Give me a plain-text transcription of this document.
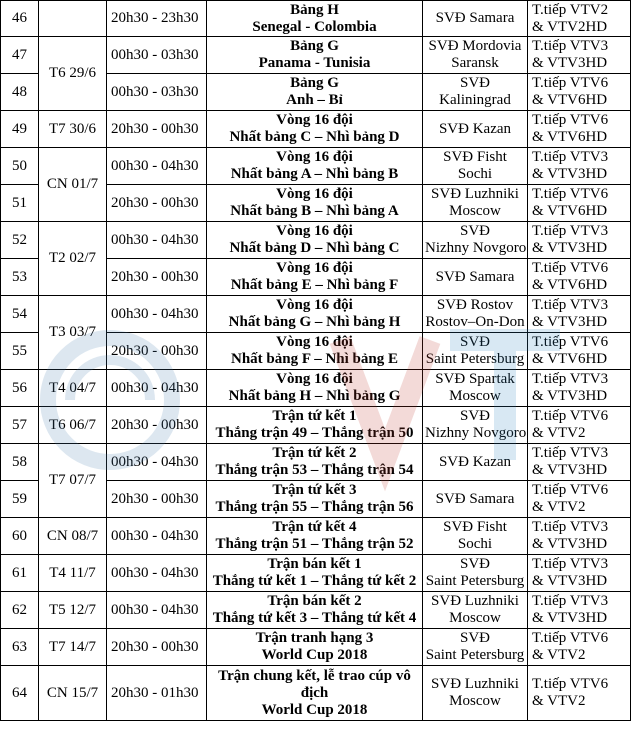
46		20h30 - 23h30	Bảng H
Senegal - Colombia	SVĐ Samara	T.tiếp VTV2
& VTV2HD

47	T6 29/6	00h30 - 03h30	Bảng G
Panama - Tunisia	SVĐ Mordovia
Saransk	T.tiếp VTV3
& VTV3HD

48		00h30 - 03h30	Bảng G
Anh – Bỉ	SVĐ
Kaliningrad	T.tiếp VTV6
& VTV6HD

49	T7 30/6	20h30 - 00h30	Vòng 16 đội
Nhất bảng C – Nhì bảng D	SVĐ Kazan	T.tiếp VTV6
& VTV6HD

50	CN 01/7	00h30 - 04h30	Vòng 16 đội
Nhất bảng A – Nhì bảng B	SVĐ Fisht
Sochi	T.tiếp VTV3
& VTV3HD

51		20h30 - 00h30	Vòng 16 đội
Nhất bảng B – Nhì bảng A	SVĐ Luzhniki
Moscow	T.tiếp VTV6
& VTV6HD

52	T2 02/7	00h30 - 04h30	Vòng 16 đội
Nhất bảng D – Nhì bảng C	SVĐ
Nizhny Novgoro	T.tiếp VTV3
& VTV3HD

53		20h30 - 00h30	Vòng 16 đội
Nhất bảng E – Nhì bảng F	SVĐ Samara	T.tiếp VTV6
& VTV6HD

54	T3 03/7	00h30 - 04h30	Vòng 16 đội
Nhất bảng G – Nhì bảng H	SVĐ Rostov
Rostov–On-Don	T.tiếp VTV3
& VTV3HD

55		20h30 - 00h30	Vòng 16 đội
Nhất bảng F – Nhì bảng E	SVĐ
Saint Petersburg	T.tiếp VTV6
& VTV6HD

56	T4 04/7	00h30 - 04h30	Vòng 16 đội
Nhất bảng H – Nhì bảng G	SVĐ Spartak
Moscow	T.tiếp VTV3
& VTV3HD

57	T6 06/7	20h30 - 00h30	Trận tứ kết 1
Thắng trận 49 – Thắng trận 50	SVĐ
Nizhny Novgoro	T.tiếp VTV6
& VTV2

58	T7 07/7	00h30 - 04h30	Trận tứ kết 2
Thắng trận 53 – Thắng trận 54	SVĐ Kazan	T.tiếp VTV3
& VTV3HD

59		20h30 - 00h30	Trận tứ kết 3
Thắng trận 55 – Thắng trận 56	SVĐ Samara	T.tiếp VTV6
& VTV2

60	CN 08/7	00h30 - 04h30	Trận tứ kết 4
Thắng trận 51 – Thắng trận 52	SVĐ Fisht
Sochi	T.tiếp VTV3
& VTV3HD

61	T4 11/7	00h30 - 04h30	Trận bán kết 1
Thắng tứ kết 1 – Thắng tứ kết 2	SVĐ
Saint Petersburg	T.tiếp VTV3
& VTV3HD

62	T5 12/7	00h30 - 04h30	Trận bán kết 2
Thắng tứ kết 3 – Thắng tứ kết 4	SVĐ Luzhniki
Moscow	T.tiếp VTV3
& VTV3HD

63	T7 14/7	20h30 - 00h30	Trận tranh hạng 3
World Cup 2018	SVĐ
Saint Petersburg	T.tiếp VTV6
& VTV2

64	CN 15/7	20h30 - 01h30	Trận chung kết, lễ trao cúp vô
địch
World Cup 2018	SVĐ Luzhniki
Moscow	T.tiếp VTV6
& VTV2
